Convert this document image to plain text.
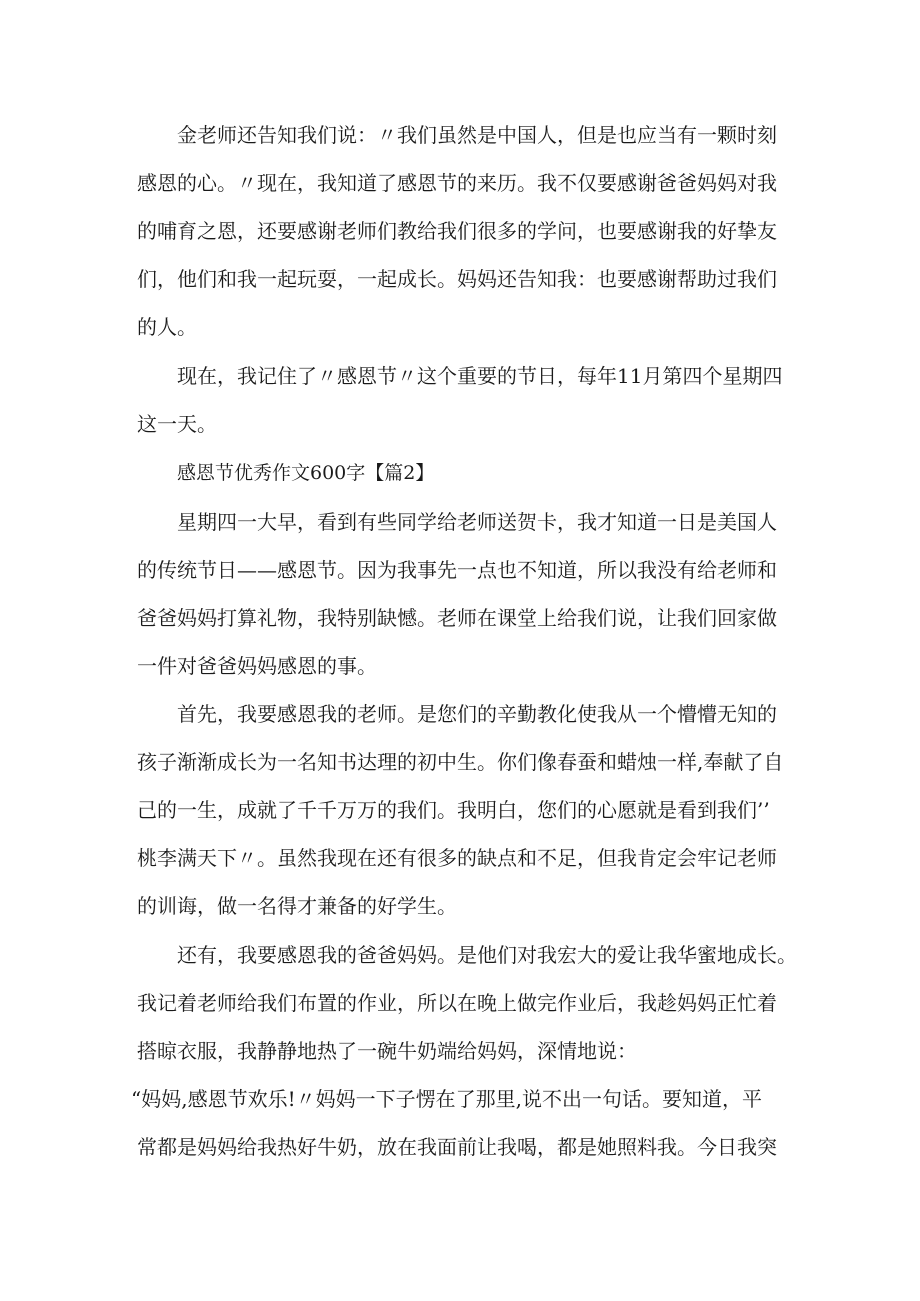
金老师还告知我们说：〃我们虽然是中国人，但是也应当有一颗时刻

感恩的心。〃现在，我知道了感恩节的来历。我不仅要感谢爸爸妈妈对我

的哺育之恩，还要感谢老师们教给我们很多的学问，也要感谢我的好挚友

们，他们和我一起玩耍，一起成长。妈妈还告知我：也要感谢帮助过我们

的人。

现在，我记住了〃感恩节〃这个重要的节日，每年11月第四个星期四

这一天。

感恩节优秀作文600字【篇2】

星期四一大早，看到有些同学给老师送贺卡，我才知道一日是美国人

的传统节日——感恩节。因为我事先一点也不知道，所以我没有给老师和

爸爸妈妈打算礼物，我特别缺憾。老师在课堂上给我们说，让我们回家做

一件对爸爸妈妈感恩的事。

首先，我要感恩我的老师。是您们的辛勤教化使我从一个懵懵无知的

孩子渐渐成长为一名知书达理的初中生。你们像春蚕和蜡烛一样,奉献了自

己的一生，成就了千千万万的我们。我明白，您们的心愿就是看到我们’’

桃李满天下〃。虽然我现在还有很多的缺点和不足，但我肯定会牢记老师

的训诲，做一名得才兼备的好学生。

还有，我要感恩我的爸爸妈妈。是他们对我宏大的爱让我华蜜地成长。

我记着老师给我们布置的作业，所以在晚上做完作业后，我趁妈妈正忙着

搭晾衣服，我静静地热了一碗牛奶端给妈妈，深情地说：

“妈妈,感恩节欢乐!〃妈妈一下子愣在了那里,说不出一句话。要知道，平

常都是妈妈给我热好牛奶，放在我面前让我喝，都是她照料我。今日我突
